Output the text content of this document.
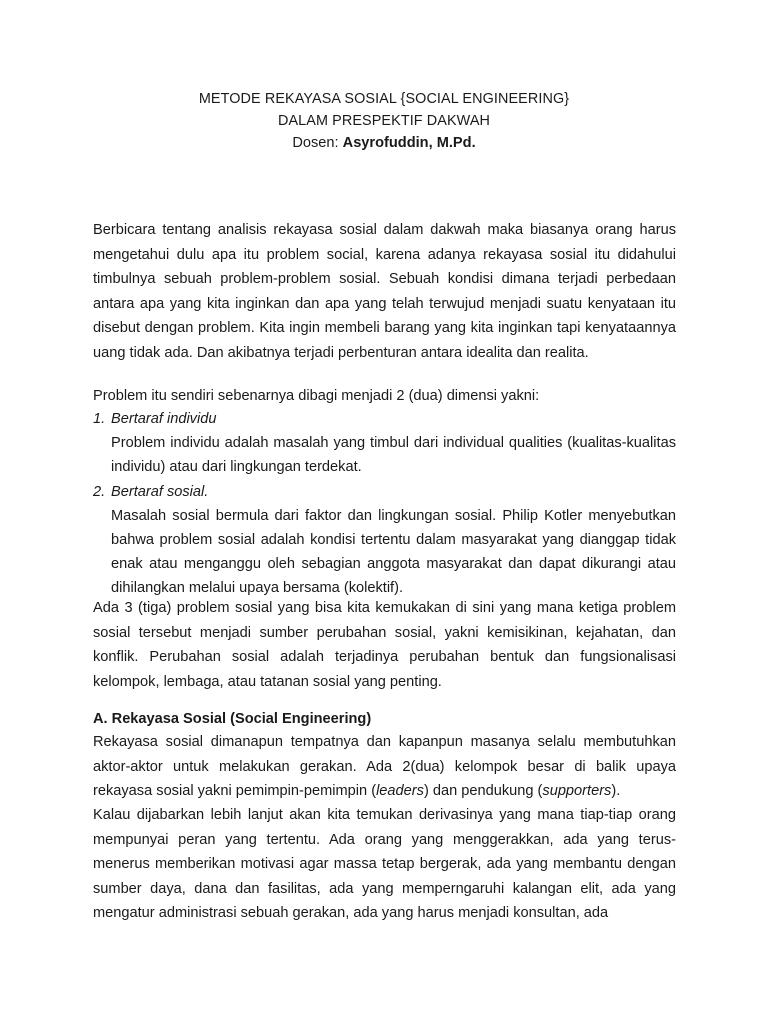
METODE REKAYASA SOSIAL {SOCIAL ENGINEERING}
DALAM PRESPEKTIF DAKWAH
Dosen: Asyrofuddin, M.Pd.

Berbicara tentang analisis rekayasa sosial dalam dakwah maka biasanya orang harus mengetahui dulu apa itu problem social, karena adanya rekayasa sosial itu didahului timbulnya sebuah problem-problem sosial. Sebuah kondisi dimana terjadi perbedaan antara apa yang kita inginkan dan apa yang telah terwujud menjadi suatu kenyataan itu disebut dengan problem. Kita ingin membeli barang yang kita inginkan tapi kenyataannya uang tidak ada. Dan akibatnya terjadi perbenturan antara idealita dan realita.

Problem itu sendiri sebenarnya dibagi menjadi 2 (dua) dimensi yakni:

1. Bertaraf individu
Problem individu adalah masalah yang timbul dari individual qualities (kualitas-kualitas individu) atau dari lingkungan terdekat.
2. Bertaraf sosial.
Masalah sosial bermula dari faktor dan lingkungan sosial. Philip Kotler menyebutkan bahwa problem sosial adalah kondisi tertentu dalam masyarakat yang dianggap tidak enak atau menganggu oleh sebagian anggota masyarakat dan dapat dikurangi atau dihilangkan melalui upaya bersama (kolektif).

Ada 3 (tiga) problem sosial yang bisa kita kemukakan di sini yang mana ketiga problem sosial tersebut menjadi sumber perubahan sosial, yakni kemisikinan, kejahatan, dan konflik. Perubahan sosial adalah terjadinya perubahan bentuk dan fungsionalisasi kelompok, lembaga, atau tatanan sosial yang penting.

A. Rekayasa Sosial (Social Engineering)

Rekayasa sosial dimanapun tempatnya dan kapanpun masanya selalu membutuhkan aktor-aktor untuk melakukan gerakan. Ada 2(dua) kelompok besar di balik upaya rekayasa sosial yakni pemimpin-pemimpin (leaders) dan pendukung (supporters).

Kalau dijabarkan lebih lanjut akan kita temukan derivasinya yang mana tiap-tiap orang mempunyai peran yang tertentu. Ada orang yang menggerakkan, ada yang terus-menerus memberikan motivasi agar massa tetap bergerak, ada yang membantu dengan sumber daya, dana dan fasilitas, ada yang memperngaruhi kalangan elit, ada yang mengatur administrasi sebuah gerakan, ada yang harus menjadi konsultan, ada
